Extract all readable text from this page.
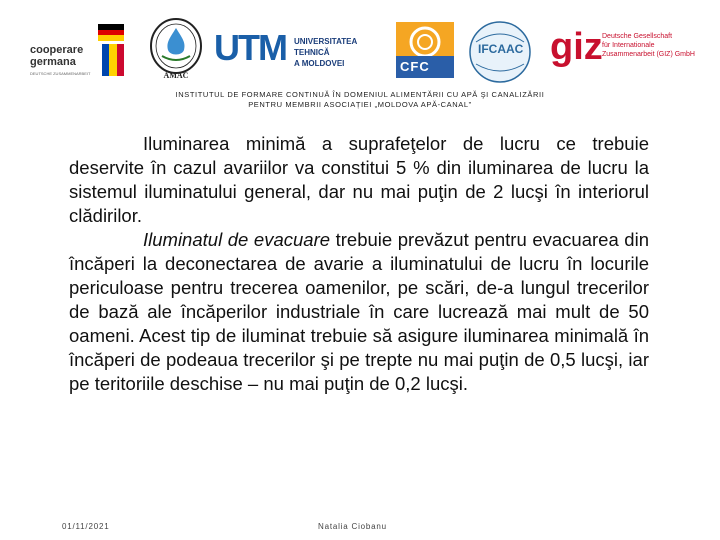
cooperare
germana
DEUTSCHE ZUSAMMENARBEIT	AMAC
UTM UNIVERSITATEA TEHNICĂ
A MOLDOVEI	CFC
IFCAAC giz Deutsche Gesellschaft
für Internationale
Zusammenarbeit (GIZ) GmbH
INSTITUTUL DE FORMARE CONTINUĂ ÎN DOMENIUL ALIMENTĂRII CU APĂ ŞI CANALIZĂRII
PENTRU MEMBRII ASOCIAȚIEI „MOLDOVA APĂ-CANAL”

Iluminarea minimă a suprafeţelor de lucru ce trebuie deservite în cazul avariilor va constitui 5 % din iluminarea de lucru la sistemul iluminatului general, dar nu mai puţin de 2 lucşi în interiorul clădirilor.

Iluminatul de evacuare trebuie prevăzut pentru evacuarea din încăperi la deconectarea de avarie a iluminatului de lucru în locurile periculoase pentru trecerea oamenilor, pe scări, de-a lungul trecerilor de bază ale încăperilor industriale în care lucrează mai mult de 50 oameni. Acest tip de iluminat trebuie să asigure iluminarea minimală în încăperi de podeaua trecerilor şi pe trepte nu mai puţin de 0,5 lucşi, iar pe teritoriile deschise – nu mai puţin de 0,2 lucşi.

01/11/2021	Natalia Ciobanu
